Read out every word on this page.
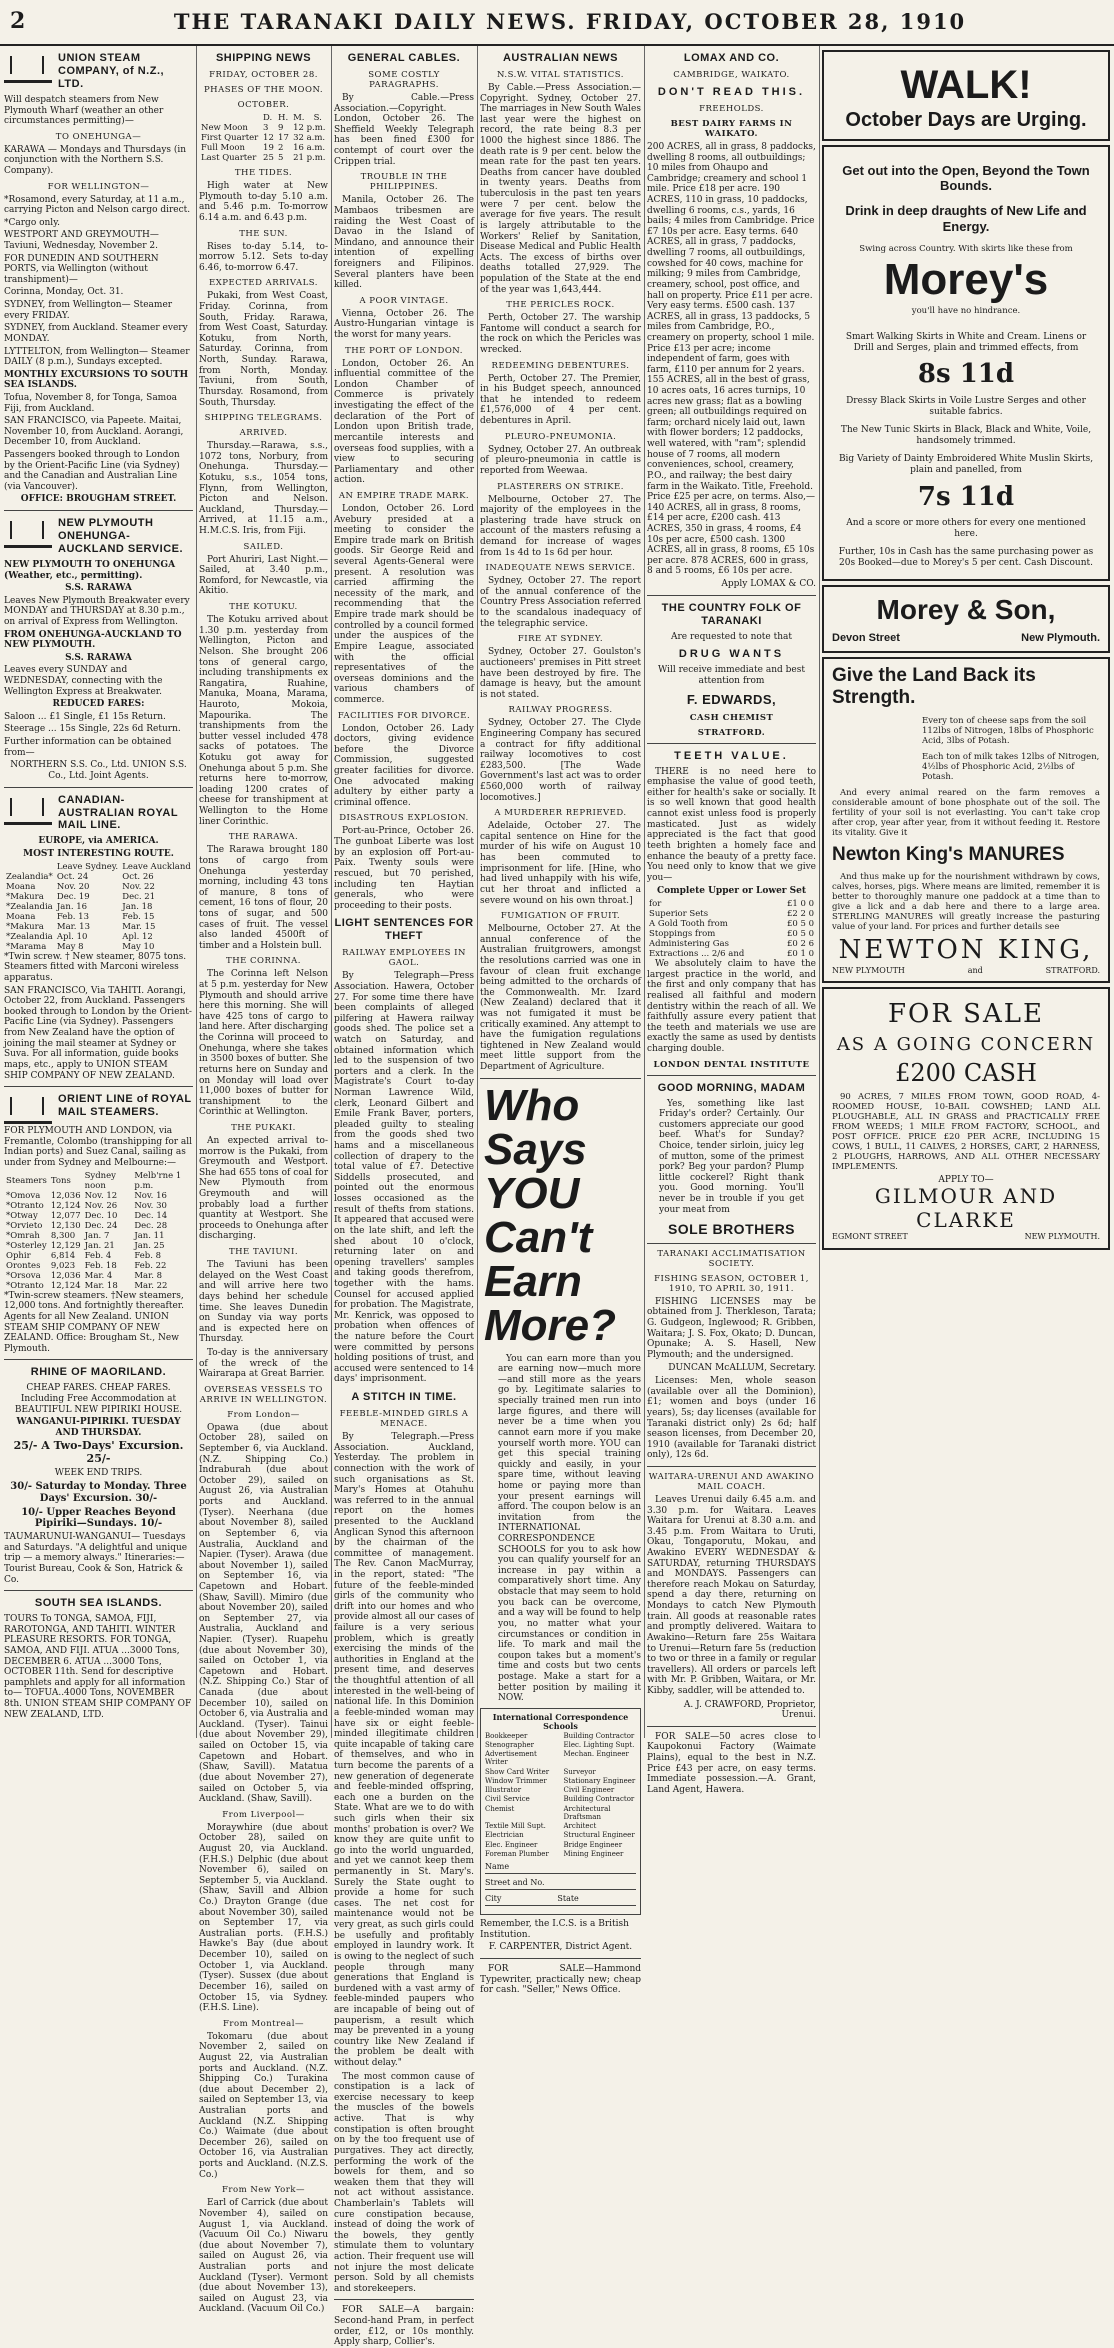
2	THE TARANAKI DAILY NEWS. FRIDAY, OCTOBER 28, 1910
UNION STEAM COMPANY, of N.Z., LTD.
Will despatch steamers from New Plymouth Wharf (weather an other circumstances permitting)—
TO ONEHUNGA—
KARAWA — Mondays and Thursdays (in conjunction with the Northern S.S. Company).
FOR WELLINGTON—
*Rosamond, every Saturday, at 11 a.m., carrying Picton and Nelson cargo direct.
*Cargo only.
WESTPORT AND GREYMOUTH— Taviuni, Wednesday, November 2.
FOR DUNEDIN AND SOUTHERN PORTS, via Wellington (without transhipment)—
Corinna, Monday, Oct. 31.
SYDNEY, from Wellington— Steamer every FRIDAY.
SYDNEY, from Auckland. Steamer every MONDAY.
LYTTELTON, from Wellington— Steamer DAILY (8 p.m.), Sundays excepted.
MONTHLY EXCURSIONS TO SOUTH SEA ISLANDS.
Tofua, November 8, for Tonga, Samoa Fiji, from Auckland.
SAN FRANCISCO, via Papeete. Maitai, November 10, from Auckland. Aorangi, December 10, from Auckland.
Passengers booked through to London by the Orient-Pacific Line (via Sydney) and the Canadian and Australian Line (via Vancouver).
OFFICE: BROUGHAM STREET.
NEW PLYMOUTH ONEHUNGA-AUCKLAND SERVICE.
NEW PLYMOUTH TO ONEHUNGA (Weather, etc., permitting).
S.S. RARAWA
Leaves New Plymouth Breakwater every MONDAY and THURSDAY at 8.30 p.m., on arrival of Express from Wellington.
FROM ONEHUNGA-AUCKLAND TO NEW PLYMOUTH.
S.S. RARAWA
Leaves every SUNDAY and WEDNESDAY, connecting with the Wellington Express at Breakwater.
REDUCED FARES:
Saloon ... £1 Single, £1 15s Return.
Steerage ... 15s Single, 22s 6d Return.
Further information can be obtained from—
NORTHERN S.S. Co., Ltd. UNION S.S. Co., Ltd. Joint Agents.
CANADIAN-AUSTRALIAN ROYAL MAIL LINE.
EUROPE, via AMERICA.
MOST INTERESTING ROUTE.
	Leave Sydney.	Leave Auckland
Zealandia*	Oct. 24	Oct. 26
Moana	Nov. 20	Nov. 22
*Makura	Dec. 19	Dec. 21
*Zealandia	Jan. 16	Jan. 18
Moana	Feb. 13	Feb. 15
*Makura	Mar. 13	Mar. 15
*Zealandia	Apl. 10	Apl. 12
*Marama	May 8	May 10
*Twin screw. † New steamer, 8075 tons. Steamers fitted with Marconi wireless apparatus.
SAN FRANCISCO, Via TAHITI. Aorangi, October 22, from Auckland. Passengers booked through to London by the Orient-Pacific Line (via Sydney). Passengers from New Zealand have the option of joining the mail steamer at Sydney or Suva. For all information, guide books maps, etc., apply to UNION STEAM SHIP COMPANY OF NEW ZEALAND.
ORIENT LINE of ROYAL MAIL STEAMERS.
FOR PLYMOUTH AND LONDON, via Fremantle, Colombo (transhipping for all Indian ports) and Suez Canal, sailing as under from Sydney and Melbourne:—
Steamers	Tons	Sydney noon	Melb'rne 1 p.m.
*Omova	12,036	Nov. 12	Nov. 16
*Otranto	12,124	Nov. 26	Nov. 30
*Otway	12,077	Dec. 10	Dec. 14
*Orvieto	12,130	Dec. 24	Dec. 28
*Omrah	8,300	Jan. 7	Jan. 11
*Osterley	12,129	Jan. 21	Jan. 25
Ophir	6,814	Feb. 4	Feb. 8
Orontes	9,023	Feb. 18	Feb. 22
*Orsova	12,036	Mar. 4	Mar. 8
*Otranto	12,124	Mar. 18	Mar. 22
*Twin-screw steamers. †New steamers, 12,000 tons. And fortnightly thereafter. Agents for all New Zealand. UNION STEAM SHIP COMPANY OF NEW ZEALAND. Office: Brougham St., New Plymouth.
RHINE OF MAORILAND.
CHEAP FARES. CHEAP FARES. Including Free Accommodation at BEAUTIFUL NEW PIPIRIKI HOUSE.
WANGANUI-PIPIRIKI. TUESDAY AND THURSDAY.
25/- A Two-Days' Excursion. 25/-
WEEK END TRIPS.
30/- Saturday to Monday. Three Days' Excursion. 30/-
10/- Upper Reaches Beyond Pipiriki—Sundays. 10/-
TAUMARUNUI-WANGANUI— Tuesdays and Saturdays. "A delightful and unique trip — a memory always." Itineraries:—Tourist Bureau, Cook & Son, Hatrick & Co.
SOUTH SEA ISLANDS.
TOURS To TONGA, SAMOA, FIJI, RAROTONGA, AND TAHITI. WINTER PLEASURE RESORTS. FOR TONGA, SAMOA, AND FIJI. ATUA ...3000 Tons, DECEMBER 6. ATUA ...3000 Tons, OCTOBER 11th. Send for descriptive pamphlets and apply for all information to— TOFUA..4000 Tons, NOVEMBER 8th. UNION STEAM SHIP COMPANY OF NEW ZEALAND, LTD.
SHIPPING NEWS
FRIDAY, OCTOBER 28.
PHASES OF THE MOON.
OCTOBER.
	D.	H.	M.	S.
New Moon	3	9	12 p.m.	
First Quarter	12	17	32 a.m.	
Full Moon	19	2	16 a.m.	
Last Quarter	25	5	21 p.m.	
THE TIDES.
High water at New Plymouth to-day 5.10 a.m. and 5.46 p.m. To-morrow 6.14 a.m. and 6.43 p.m.
THE SUN.
Rises to-day 5.14, to-morrow 5.12. Sets to-day 6.46, to-morrow 6.47.
EXPECTED ARRIVALS.
Pukaki, from West Coast, Friday. Corinna, from South, Friday. Rarawa, from West Coast, Saturday. Kotuku, from North, Saturday. Corinna, from North, Sunday. Rarawa, from North, Monday. Taviuni, from South, Thursday. Rosamond, from South, Thursday.
SHIPPING TELEGRAMS.
ARRIVED.
Thursday.—Rarawa, s.s., 1072 tons, Norbury, from Onehunga. Thursday.—Kotuku, s.s., 1054 tons, Flynn, from Wellington, Picton and Nelson. Auckland, Thursday.—Arrived, at 11.15 a.m., H.M.C.S. Iris, from Fiji.
SAILED.
Port Ahuriri, Last Night.—Sailed, at 3.40 p.m., Romford, for Newcastle, via Akitio.
THE KOTUKU.
The Kotuku arrived about 1.30 p.m. yesterday from Wellington, Picton and Nelson. She brought 206 tons of general cargo, including transhipments ex Rangatira, Ruahine, Manuka, Moana, Marama, Hauroto, Mokoia, Mapourika. The transhipments from the butter vessel included 478 sacks of potatoes. The Kotuku got away for Onehunga about 5 p.m. She returns here to-morrow, loading 1200 crates of cheese for transhipment at Wellington to the Home liner Corinthic.
THE RARAWA.
The Rarawa brought 180 tons of cargo from Onehunga yesterday morning, including 43 tons of manure, 8 tons of cement, 16 tons of flour, 20 tons of sugar, and 500 cases of fruit. The vessel also landed 4500ft of timber and a Holstein bull.
THE CORINNA.
The Corinna left Nelson at 5 p.m. yesterday for New Plymouth and should arrive here this morning. She will have 425 tons of cargo to land here. After discharging the Corinna will proceed to Onehunga, where she takes in 3500 boxes of butter. She returns here on Sunday and on Monday will load over 11,000 boxes of butter for transhipment to the Corinthic at Wellington.
THE PUKAKI.
An expected arrival to-morrow is the Pukaki, from Greymouth and Westport. She had 655 tons of coal for New Plymouth from Greymouth and will probably load a further quantity at Westport. She proceeds to Onehunga after discharging.
THE TAVIUNI.
The Taviuni has been delayed on the West Coast and will arrive here two days behind her schedule time. She leaves Dunedin on Sunday via way ports and is expected here on Thursday.
To-day is the anniversary of the wreck of the Wairarapa at Great Barrier.
OVERSEAS VESSELS TO ARRIVE IN WELLINGTON.
From London—
Opawa (due about October 28), sailed on September 6, via Auckland. (N.Z. Shipping Co.) Indraburah (due about October 29), sailed on August 26, via Australian ports and Auckland. (Tyser). Neerhana (due about November 8), sailed on September 6, via Australia, Auckland and Napier. (Tyser). Arawa (due about November 1), sailed on September 16, via Capetown and Hobart. (Shaw, Savill). Mimiro (due about November 20), sailed on September 27, via Australia, Auckland and Napier. (Tyser). Ruapehu (due about November 30), sailed on October 1, via Capetown and Hobart. (N.Z. Shipping Co.) Star of Canada (due about December 10), sailed on October 6, via Australia and Auckland. (Tyser). Tainui (due about November 29), sailed on October 15, via Capetown and Hobart. (Shaw, Savill). Matatua (due about November 27), sailed on October 5, via Auckland. (Shaw, Savill).
From Liverpool—
Moraywhire (due about October 28), sailed on August 20, via Auckland. (F.H.S.) Delphic (due about November 6), sailed on September 5, via Auckland. (Shaw, Savill and Albion Co.) Drayton Grange (due about November 30), sailed on September 17, via Australian ports. (F.H.S.) Hawke's Bay (due about December 10), sailed on October 1, via Auckland. (Tyser). Sussex (due about December 16), sailed on October 15, via Sydney. (F.H.S. Line).
From Montreal—
Tokomaru (due about November 2, sailed on August 22, via Australian ports and Auckland. (N.Z. Shipping Co.) Turakina (due about December 2), sailed on September 13, via Australian ports and Auckland (N.Z. Shipping Co.) Waimate (due about December 26), sailed on October 16, via Australian ports and Auckland. (N.Z.S. Co.)
From New York—
Earl of Carrick (due about November 4), sailed on August 1, via Auckland. (Vacuum Oil Co.) Niwaru (due about November 7), sailed on August 26, via Australian ports and Auckland (Tyser). Vermont (due about November 13), sailed on August 23, via Auckland. (Vacuum Oil Co.)
GENERAL CABLES.
SOME COSTLY PARAGRAPHS.
By Cable.—Press Association.—Copyright. London, October 26. The Sheffield Weekly Telegraph has been fined £300 for contempt of court over the Crippen trial.
TROUBLE IN THE PHILIPPINES.
Manila, October 26. The Mambaos tribesmen are raiding the West Coast of Davao in the Island of Mindano, and announce their intention of expelling foreigners and Filipinos. Several planters have been killed.
A POOR VINTAGE.
Vienna, October 26. The Austro-Hungarian vintage is the worst for many years.
THE PORT OF LONDON.
London, October 26. An influential committee of the London Chamber of Commerce is privately investigating the effect of the declaration of the Port of London upon British trade, mercantile interests and overseas food supplies, with a view to securing Parliamentary and other action.
AN EMPIRE TRADE MARK.
London, October 26. Lord Avebury presided at a meeting to consider the Empire trade mark on British goods. Sir George Reid and several Agents-General were present. A resolution was carried affirming the necessity of the mark, and recommending that the Empire trade mark should be controlled by a council formed under the auspices of the Empire League, associated with the official representatives of the overseas dominions and the various chambers of commerce.
FACILITIES FOR DIVORCE.
London, October 26. Lady doctors, giving evidence before the Divorce Commission, suggested greater facilities for divorce. One advocated making adultery by either party a criminal offence.
DISASTROUS EXPLOSION.
Port-au-Prince, October 26. The gunboat Liberte was lost by an explosion off Port-au-Paix. Twenty souls were rescued, but 70 perished, including ten Haytian generals, who were proceeding to their posts.
LIGHT SENTENCES FOR THEFT
RAILWAY EMPLOYEES IN GAOL.
By Telegraph—Press Association. Hawera, October 27. For some time there have been complaints of alleged pilfering at Hawera railway goods shed. The police set a watch on Saturday, and obtained information which led to the suspension of two porters and a clerk. In the Magistrate's Court to-day Norman Lawrence Wild, clerk, Leonard Gilbert and Emile Frank Baver, porters, pleaded guilty to stealing from the goods shed two hams and a miscellaneous collection of drapery to the total value of £7. Detective Siddells prosecuted, and pointed out the enormous losses occasioned as the result of thefts from stations. It appeared that accused were on the late shift, and left the shed about 10 o'clock, returning later on and opening travellers' samples and taking goods therefrom, together with the hams. Counsel for accused applied for probation. The Magistrate, Mr. Kenrick, was opposed to probation when offences of the nature before the Court were committed by persons holding positions of trust, and accused were sentenced to 14 days' imprisonment.
A STITCH IN TIME.
FEEBLE-MINDED GIRLS A MENACE.
By Telegraph.—Press Association. Auckland, Yesterday. The problem in connection with the work of such organisations as St. Mary's Homes at Otahuhu was referred to in the annual report on the homes presented to the Auckland Anglican Synod this afternoon by the chairman of the committee of management. The Rev. Canon MacMurray, in the report, stated: "The future of the feeble-minded girls of the community who drift into our homes and who provide almost all our cases of failure is a very serious problem, which is greatly exercising the minds of the authorities in England at the present time, and deserves the thoughtful attention of all interested in the well-being of national life. In this Dominion a feeble-minded woman may have six or eight feeble-minded illegitimate children quite incapable of taking care of themselves, and who in turn become the parents of a new generation of degenerate and feeble-minded offspring, each one a burden on the State. What are we to do with such girls when their six months' probation is over? We know they are quite unfit to go into the world unguarded, and yet we cannot keep them permanently in St. Mary's. Surely the State ought to provide a home for such cases. The net cost for maintenance would not be very great, as such girls could be usefully and profitably employed in laundry work. It is owing to the neglect of such people through many generations that England is burdened with a vast army of feeble-minded paupers who are incapable of being out of pauperism, a result which may be prevented in a young country like New Zealand if the problem be dealt with without delay."
The most common cause of constipation is a lack of exercise necessary to keep the muscles of the bowels active. That is why constipation is often brought on by the too frequent use of purgatives. They act directly, performing the work of the bowels for them, and so weaken them that they will not act without assistance. Chamberlain's Tablets will cure constipation because, instead of doing the work of the bowels, they gently stimulate them to voluntary action. Their frequent use will not injure the most delicate person. Sold by all chemists and storekeepers.
FOR SALE—A bargain: Second-hand Pram, in perfect order, £12, or 10s monthly. Apply sharp, Collier's.
AUSTRALIAN NEWS
N.S.W. VITAL STATISTICS.
By Cable.—Press Association.—Copyright. Sydney, October 27. The marriages in New South Wales last year were the highest on record, the rate being 8.3 per 1000 the highest since 1886. The death rate is 9 per cent. below the mean rate for the past ten years. Deaths from cancer have doubled in twenty years. Deaths from tuberculosis in the past ten years were 7 per cent. below the average for five years. The result is largely attributable to the Workers' Relief by Sanitation, Disease Medical and Public Health Acts. The excess of births over deaths totalled 27,929. The population of the State at the end of the year was 1,643,444.
THE PERICLES ROCK.
Perth, October 27. The warship Fantome will conduct a search for the rock on which the Pericles was wrecked.
REDEEMING DEBENTURES.
Perth, October 27. The Premier, in his Budget speech, announced that he intended to redeem £1,576,000 of 4 per cent. debentures in April.
PLEURO-PNEUMONIA.
Sydney, October 27. An outbreak of pleuro-pneumonia in cattle is reported from Weewaa.
PLASTERERS ON STRIKE.
Melbourne, October 27. The majority of the employees in the plastering trade have struck on account of the masters refusing a demand for increase of wages from 1s 4d to 1s 6d per hour.
INADEQUATE NEWS SERVICE.
Sydney, October 27. The report of the annual conference of the Country Press Association referred to the scandalous inadequacy of the telegraphic service.
FIRE AT SYDNEY.
Sydney, October 27. Goulston's auctioneers' premises in Pitt street have been destroyed by fire. The damage is heavy, but the amount is not stated.
RAILWAY PROGRESS.
Sydney, October 27. The Clyde Engineering Company has secured a contract for fifty additional railway locomotives to cost £283,500. [The Wade Government's last act was to order £560,000 worth of railway locomotives.]
A MURDERER REPRIEVED.
Adelaide, October 27. The capital sentence on Hine for the murder of his wife on August 10 has been commuted to imprisonment for life. [Hine, who had lived unhappily with his wife, cut her throat and inflicted a severe wound on his own throat.]
FUMIGATION OF FRUIT.
Melbourne, October 27. At the annual conference of the Australian fruitgrowers, amongst the resolutions carried was one in favour of clean fruit exchange being admitted to the orchards of the Commonwealth. Mr. Izard (New Zealand) declared that it was not fumigated it must be critically examined. Any attempt to have the fumigation regulations tightened in New Zealand would meet little support from the Department of Agriculture.
Who Says
YOU
Can't Earn
More?
You can earn more than you are earning now—much more—and still more as the years go by. Legitimate salaries to specially trained men run into large figures, and there will never be a time when you cannot earn more if you make yourself worth more. YOU can get this special training quickly and easily, in your spare time, without leaving home or paying more than your present earnings will afford. The coupon below is an invitation from the INTERNATIONAL CORRESPONDENCE SCHOOLS for you to ask how you can qualify yourself for an increase in pay within a comparatively short time. Any obstacle that may seem to hold you back can be overcome, and a way will be found to help you, no matter what your circumstances or condition in life. To mark and mail the coupon takes but a moment's time and costs but two cents postage. Make a start for a better position by mailing it NOW.
International Correspondence Schools
Bookkeeper	Building Contractor
Stenographer	Elec. Lighting Supt.
Advertisement Writer
Mechan. Engineer
Show Card Writer	Surveyor
Window Trimmer	Stationary Engineer
Illustrator	Civil Engineer
Civil Service	Building Contractor
Chemist	Architectural Draftsman
Textile Mill Supt.	Architect
Electrician	Structural Engineer
Elec. Engineer	Bridge Engineer
Foreman Plumber	Mining Engineer
Name
Street and No.
City	State
Remember, the I.C.S. is a British Institution.
F. CARPENTER, District Agent.
FOR SALE—Hammond Typewriter, practically new; cheap for cash. "Seller," News Office.
LOMAX AND CO.
CAMBRIDGE, WAIKATO.
DON'T READ THIS.
FREEHOLDS.
BEST DAIRY FARMS IN WAIKATO.
200 ACRES, all in grass, 8 paddocks, dwelling 8 rooms, all outbuildings; 10 miles from Ohaupo and Cambridge; creamery and school 1 mile. Price £18 per acre. 190 ACRES, 110 in grass, 10 paddocks, dwelling 6 rooms, c.s., yards, 16 bails; 4 miles from Cambridge. Price £7 10s per acre. Easy terms. 640 ACRES, all in grass, 7 paddocks, dwelling 7 rooms, all outbuildings, cowshed for 40 cows, machine for milking; 9 miles from Cambridge, creamery, school, post office, and hall on property. Price £11 per acre. Very easy terms. £500 cash. 137 ACRES, all in grass, 13 paddocks, 5 miles from Cambridge, P.O., creamery on property, school 1 mile. Price £13 per acre; income independent of farm, goes with farm, £110 per annum for 2 years. 155 ACRES, all in the best of grass, 10 acres oats, 16 acres turnips, 10 acres new grass; flat as a bowling green; all outbuildings required on farm; orchard nicely laid out, lawn with flower borders; 12 paddocks, well watered, with "ram"; splendid house of 7 rooms, all modern conveniences, school, creamery, P.O., and railway; the best dairy farm in the Waikato. Title, Freehold. Price £25 per acre, on terms. Also,— 140 ACRES, all in grass, 8 rooms, £14 per acre, £200 cash. 413 ACRES, 350 in grass, 4 rooms, £4 10s per acre, £500 cash. 1300 ACRES, all in grass, 8 rooms, £5 10s per acre. 878 ACRES, 600 in grass, 8 and 5 rooms, £6 10s per acre.
Apply LOMAX & CO.
THE COUNTRY FOLK OF TARANAKI
Are requested to note that
DRUG WANTS
Will receive immediate and best attention from
F. EDWARDS,
CASH CHEMIST
STRATFORD.
TEETH VALUE.
THERE is no need here to emphasise the value of good teeth, either for health's sake or socially. It is so well known that good health cannot exist unless food is properly masticated. Just as widely appreciated is the fact that good teeth brighten a homely face and enhance the beauty of a pretty face. You need only to know that we give you—
Complete Upper or Lower Set
for	£1 0 0
Superior Sets	£2 2 0
A Gold Tooth from	£0 5 0
Stoppings from	£0 5 0
Administering Gas	£0 2 6
Extractions ... 2/6 and	£0 1 0
We absolutely claim to have the largest practice in the world, and the first and only company that has realised all faithful and modern dentistry within the reach of all. We faithfully assure every patient that the teeth and materials we use are exactly the same as used by dentists charging double.
LONDON DENTAL INSTITUTE
GOOD MORNING, MADAM
Yes, something like last Friday's order? Certainly. Our customers appreciate our good beef. What's for Sunday? Choice, tender sirloin, juicy leg of mutton, some of the primest pork? Beg your pardon? Plump little cockerel? Right thank you. Good morning. You'll never be in trouble if you get your meat from
SOLE BROTHERS
TARANAKI ACCLIMATISATION SOCIETY.
FISHING SEASON, OCTOBER 1, 1910, TO APRIL 30, 1911.
FISHING LICENSES may be obtained from J. Therkleson, Tarata; G. Gudgeon, Inglewood; R. Gribben, Waitara; J. S. Fox, Okato; D. Duncan, Opunake; A. S. Hasell, New Plymouth; and the undersigned.
DUNCAN McALLUM, Secretary.
Licenses: Men, whole season (available over all the Dominion), £1; women and boys (under 16 years), 5s; day licenses (available for Taranaki district only) 2s 6d; half season licenses, from December 20, 1910 (available for Taranaki district only), 12s 6d.
WAITARA-URENUI AND AWAKINO MAIL COACH.
Leaves Urenui daily 6.45 a.m. and 3.30 p.m. for Waitara. Leaves Waitara for Urenui at 8.30 a.m. and 3.45 p.m. From Waitara to Uruti, Okau, Tongaporutu, Mokau, and Awakino EVERY WEDNESDAY & SATURDAY, returning THURSDAYS and MONDAYS. Passengers can therefore reach Mokau on Saturday, spend a day there, returning on Mondays to catch New Plymouth train. All goods at reasonable rates and promptly delivered. Waitara to Awakino—Return fare 25s Waitara to Urenui—Return fare 5s (reduction to two or three in a family or regular travellers). All orders or parcels left with Mr. P. Gribben, Waitara, or Mr. Kibby, saddler, will be attended to.
A. J. CRAWFORD, Proprietor, Urenui.
FOR SALE—50 acres close to Kaupokonui Factory (Waimate Plains), equal to the best in N.Z. Price £43 per acre, on easy terms. Immediate possession.—A. Grant, Land Agent, Hawera.
WALK!
October Days are Urging.
Get out into the Open, Beyond the Town Bounds.
Drink in deep draughts of New Life and Energy.
Swing across Country. With skirts like these from
Morey's
you'll have no hindrance.
Smart Walking Skirts in White and Cream. Linens or Drill and Serges, plain and trimmed effects, from
8s 11d
Dressy Black Skirts in Voile Lustre Serges and other suitable fabrics.
The New Tunic Skirts in Black, Black and White, Voile, handsomely trimmed.
Big Variety of Dainty Embroidered White Muslin Skirts, plain and panelled, from
7s 11d
And a score or more others for every one mentioned here.
Further, 10s in Cash has the same purchasing power as 20s Booked—due to Morey's 5 per cent. Cash Discount.
Morey & Son,
Devon Street	New Plymouth.
Give the Land Back its Strength.
Every ton of cheese saps from the soil 112lbs of Nitrogen, 18lbs of Phosphoric Acid, 3lbs of Potash.
Each ton of milk takes 12lbs of Nitrogen, 4½lbs of Phosphoric Acid, 2½lbs of Potash.
And every animal reared on the farm removes a considerable amount of bone phosphate out of the soil. The fertility of your soil is not everlasting. You can't take crop after crop, year after year, from it without feeding it. Restore its vitality. Give it
Newton King's MANURES
And thus make up for the nourishment withdrawn by cows, calves, horses, pigs. Where means are limited, remember it is better to thoroughly manure one paddock at a time than to give a lick and a dab here and there to a large area. STERLING MANURES will greatly increase the pasturing value of your land. For prices and further details see
NEWTON KING,
NEW PLYMOUTH	and	STRATFORD.
FOR SALE
AS A GOING CONCERN
£200 CASH
90 ACRES, 7 MILES FROM TOWN, GOOD ROAD, 4-ROOMED HOUSE, 10-BAIL COWSHED; LAND ALL PLOUGHABLE, ALL IN GRASS and PRACTICALLY FREE FROM WEEDS; 1 MILE FROM FACTORY, SCHOOL, and POST OFFICE. PRICE £20 PER ACRE, INCLUDING 15 COWS, 1 BULL, 11 CALVES, 2 HORSES, CART, 2 HARNESS, 2 PLOUGHS, HARROWS, AND ALL OTHER NECESSARY IMPLEMENTS.
APPLY TO—
GILMOUR AND CLARKE
EGMONT STREET	NEW PLYMOUTH.
